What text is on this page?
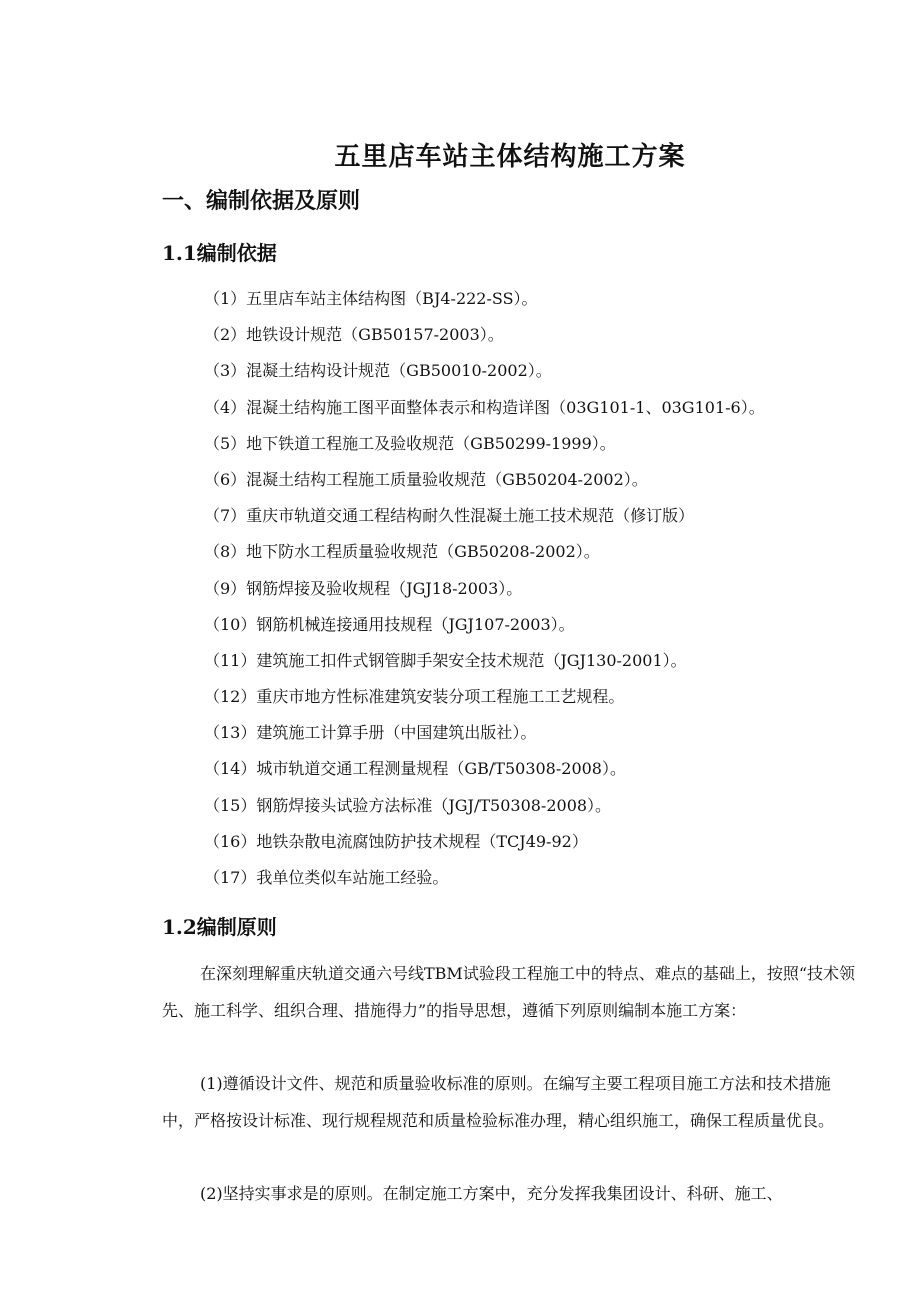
五里店车站主体结构施工方案
一、编制依据及原则
1.1编制依据
（1）五里店车站主体结构图（BJ4-222-SS）。
（2）地铁设计规范（GB50157-2003）。
（3）混凝土结构设计规范（GB50010-2002）。
（4）混凝土结构施工图平面整体表示和构造详图（03G101-1、03G101-6）。
（5）地下铁道工程施工及验收规范（GB50299-1999）。
（6）混凝土结构工程施工质量验收规范（GB50204-2002）。
（7）重庆市轨道交通工程结构耐久性混凝土施工技术规范（修订版）
（8）地下防水工程质量验收规范（GB50208-2002）。
（9）钢筋焊接及验收规程（JGJ18-2003）。
（10）钢筋机械连接通用技规程（JGJ107-2003）。
（11）建筑施工扣件式钢管脚手架安全技术规范（JGJ130-2001）。
（12）重庆市地方性标准建筑安装分项工程施工工艺规程。
（13）建筑施工计算手册（中国建筑出版社）。
（14）城市轨道交通工程测量规程（GB/T50308-2008）。
（15）钢筋焊接头试验方法标准（JGJ/T50308-2008）。
（16）地铁杂散电流腐蚀防护技术规程（TCJ49-92）
（17）我单位类似车站施工经验。
1.2编制原则

在深刻理解重庆轨道交通六号线TBM试验段工程施工中的特点、难点的基础上，按照“技术领先、施工科学、组织合理、措施得力”的指导思想，遵循下列原则编制本施工方案：

(1)遵循设计文件、规范和质量验收标准的原则。在编写主要工程项目施工方法和技术措施中，严格按设计标准、现行规程规范和质量检验标准办理，精心组织施工，确保工程质量优良。

(2)坚持实事求是的原则。在制定施工方案中，充分发挥我集团设计、科研、施工、
